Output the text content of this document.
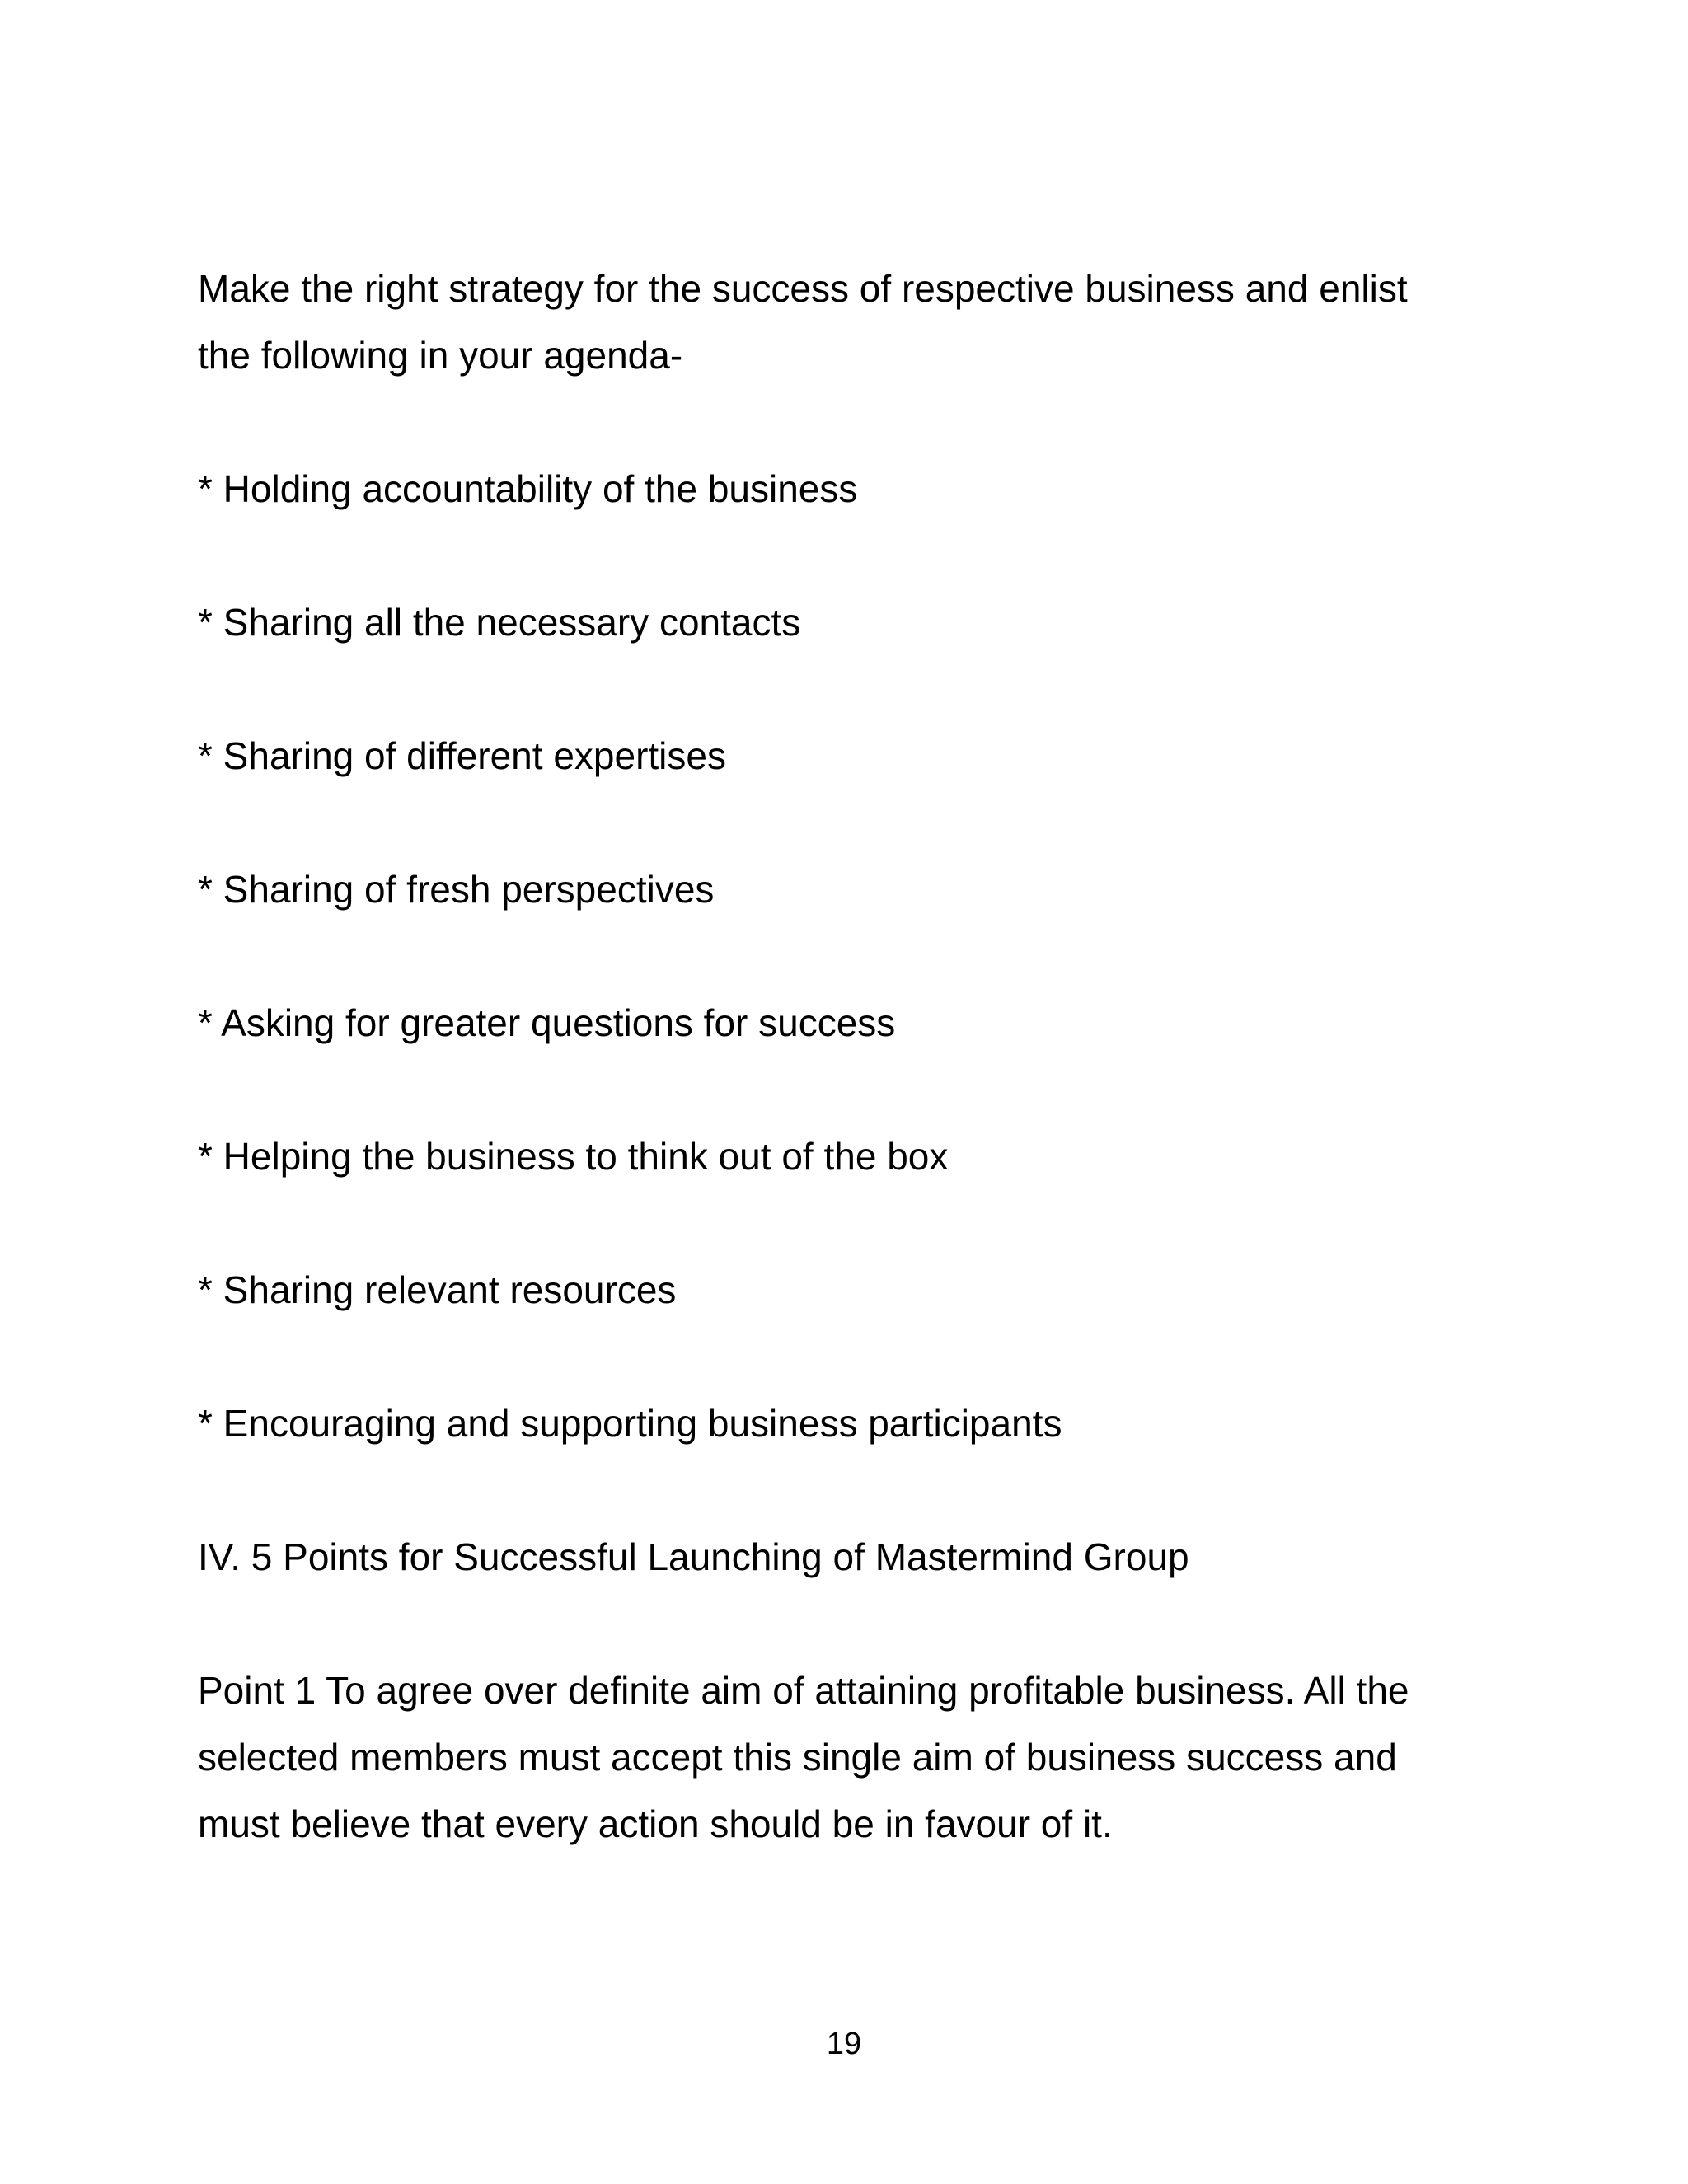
Make the right strategy for the success of respective business and enlist the following in your agenda-

* Holding accountability of the business
* Sharing all the necessary contacts
* Sharing of different expertises
* Sharing of fresh perspectives
* Asking for greater questions for success
* Helping the business to think out of the box
* Sharing relevant resources
* Encouraging and supporting business participants
IV. 5 Points for Successful Launching of Mastermind Group

Point 1 To agree over definite aim of attaining profitable business. All the selected members must accept this single aim of business success and must believe that every action should be in favour of it.

19
